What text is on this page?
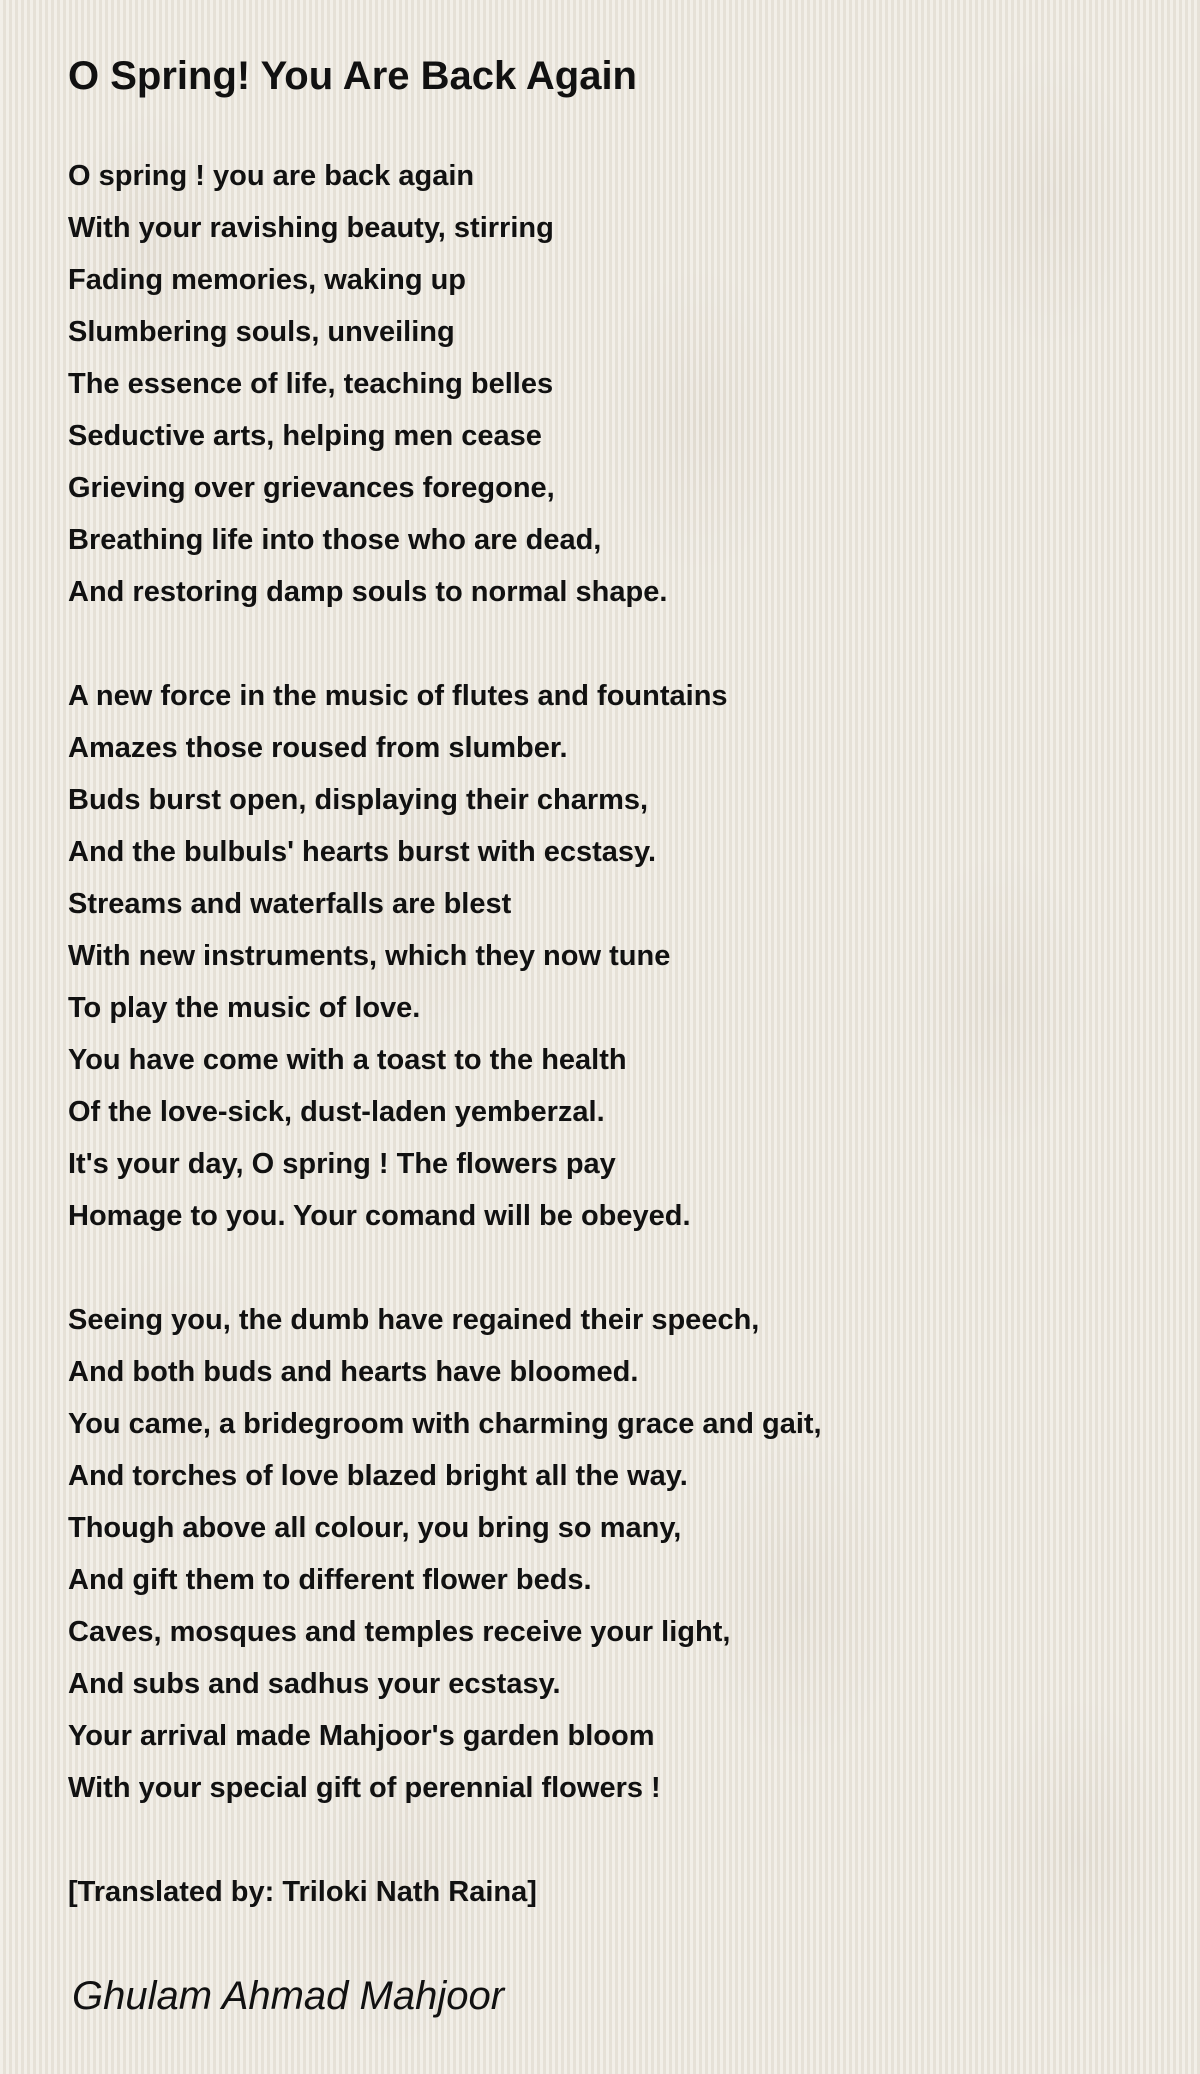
O Spring! You Are Back Again
O spring ! you are back again
With your ravishing beauty, stirring
Fading memories, waking up
Slumbering souls, unveiling
The essence of life, teaching belles
Seductive arts, helping men cease
Grieving over grievances foregone,
Breathing life into those who are dead,
And restoring damp souls to normal shape.
A new force in the music of flutes and fountains
Amazes those roused from slumber.
Buds burst open, displaying their charms,
And the bulbuls' hearts burst with ecstasy.
Streams and waterfalls are blest
With new instruments, which they now tune
To play the music of love.
You have come with a toast to the health
Of the love-sick, dust-laden yemberzal.
It's your day, O spring ! The flowers pay
Homage to you. Your comand will be obeyed.
Seeing you, the dumb have regained their speech,
And both buds and hearts have bloomed.
You came, a bridegroom with charming grace and gait,
And torches of love blazed bright all the way.
Though above all colour, you bring so many,
And gift them to different flower beds.
Caves, mosques and temples receive your light,
And subs and sadhus your ecstasy.
Your arrival made Mahjoor's garden bloom
With your special gift of perennial flowers !

[Translated by: Triloki Nath Raina]

Ghulam Ahmad Mahjoor
